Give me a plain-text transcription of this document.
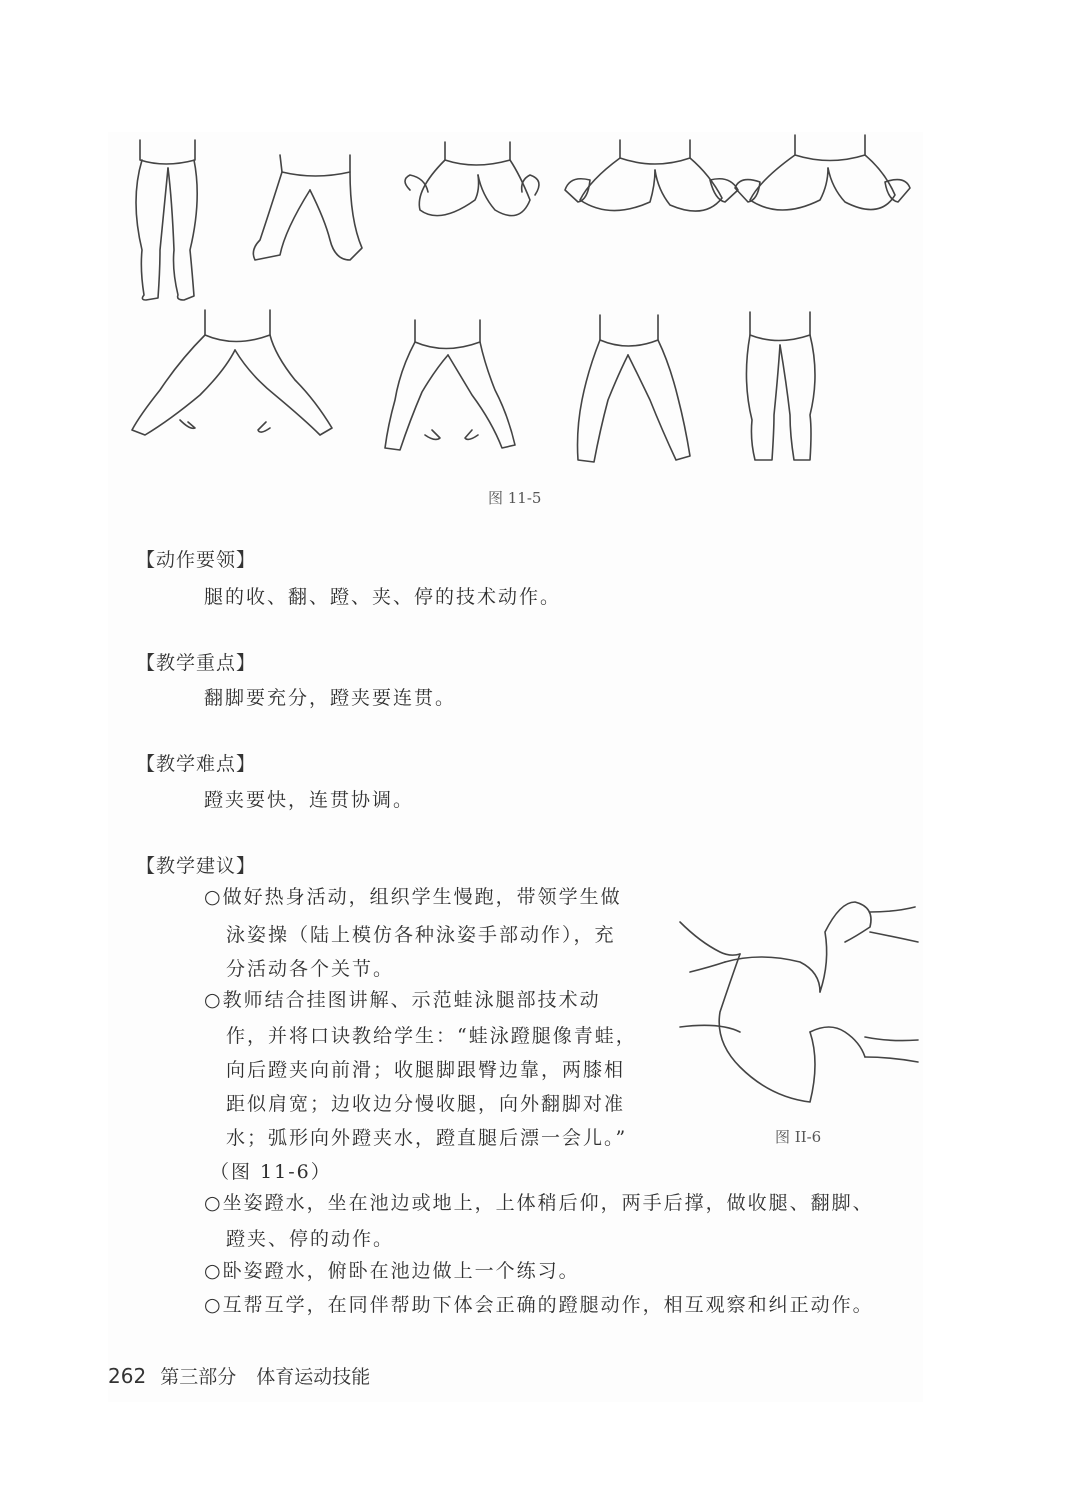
图 11-5
【动作要领】
腿的收、翻、蹬、夹、停的技术动作。
【教学重点】
翻脚要充分，蹬夹要连贯。
【教学难点】
蹬夹要快，连贯协调。
【教学建议】
○做好热身活动，组织学生慢跑，带领学生做
泳姿操（陆上模仿各种泳姿手部动作），充
分活动各个关节。
○教师结合挂图讲解、示范蛙泳腿部技术动
作，并将口诀教给学生：“蛙泳蹬腿像青蛙，
向后蹬夹向前滑；收腿脚跟臀边靠，两膝相
距似肩宽；边收边分慢收腿，向外翻脚对准
水；弧形向外蹬夹水，蹬直腿后漂一会儿。”
（图 11-6）
○坐姿蹬水，坐在池边或地上，上体稍后仰，两手后撑，做收腿、翻脚、
蹬夹、停的动作。
○卧姿蹬水，俯卧在池边做上一个练习。
○互帮互学，在同伴帮助下体会正确的蹬腿动作，相互观察和纠正动作。
图 II-6
262 第三部分 体育运动技能
